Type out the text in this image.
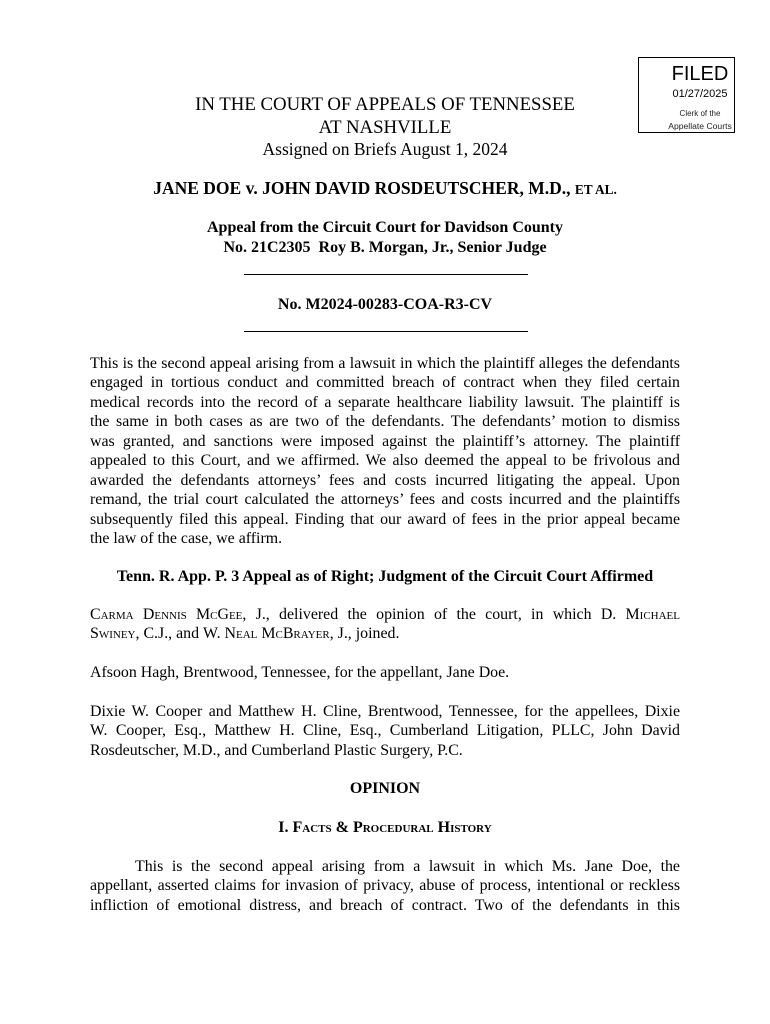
FILED
01/27/2025
Clerk of the
Appellate Courts
IN THE COURT OF APPEALS OF TENNESSEE
AT NASHVILLE
Assigned on Briefs August 1, 2024
JANE DOE v. JOHN DAVID ROSDEUTSCHER, M.D., ET AL.
Appeal from the Circuit Court for Davidson County
No. 21C2305  Roy B. Morgan, Jr., Senior Judge
No. M2024-00283-COA-R3-CV
This is the second appeal arising from a lawsuit in which the plaintiff alleges the defendants
engaged in tortious conduct and committed breach of contract when they filed certain
medical records into the record of a separate healthcare liability lawsuit. The plaintiff is
the same in both cases as are two of the defendants. The defendants’ motion to dismiss
was granted, and sanctions were imposed against the plaintiff’s attorney. The plaintiff
appealed to this Court, and we affirmed. We also deemed the appeal to be frivolous and
awarded the defendants attorneys’ fees and costs incurred litigating the appeal. Upon
remand, the trial court calculated the attorneys’ fees and costs incurred and the plaintiffs
subsequently filed this appeal. Finding that our award of fees in the prior appeal became
the law of the case, we affirm.
Tenn. R. App. P. 3 Appeal as of Right; Judgment of the Circuit Court Affirmed
Carma Dennis McGee, J., delivered the opinion of the court, in which D. Michael
Swiney, C.J., and W. Neal McBrayer, J., joined.
Afsoon Hagh, Brentwood, Tennessee, for the appellant, Jane Doe.
Dixie W. Cooper and Matthew H. Cline, Brentwood, Tennessee, for the appellees, Dixie
W. Cooper, Esq., Matthew H. Cline, Esq., Cumberland Litigation, PLLC, John David
Rosdeutscher, M.D., and Cumberland Plastic Surgery, P.C.
OPINION
I. Facts & Procedural History
This is the second appeal arising from a lawsuit in which Ms. Jane Doe, the
appellant, asserted claims for invasion of privacy, abuse of process, intentional or reckless
infliction of emotional distress, and breach of contract. Two of the defendants in this
